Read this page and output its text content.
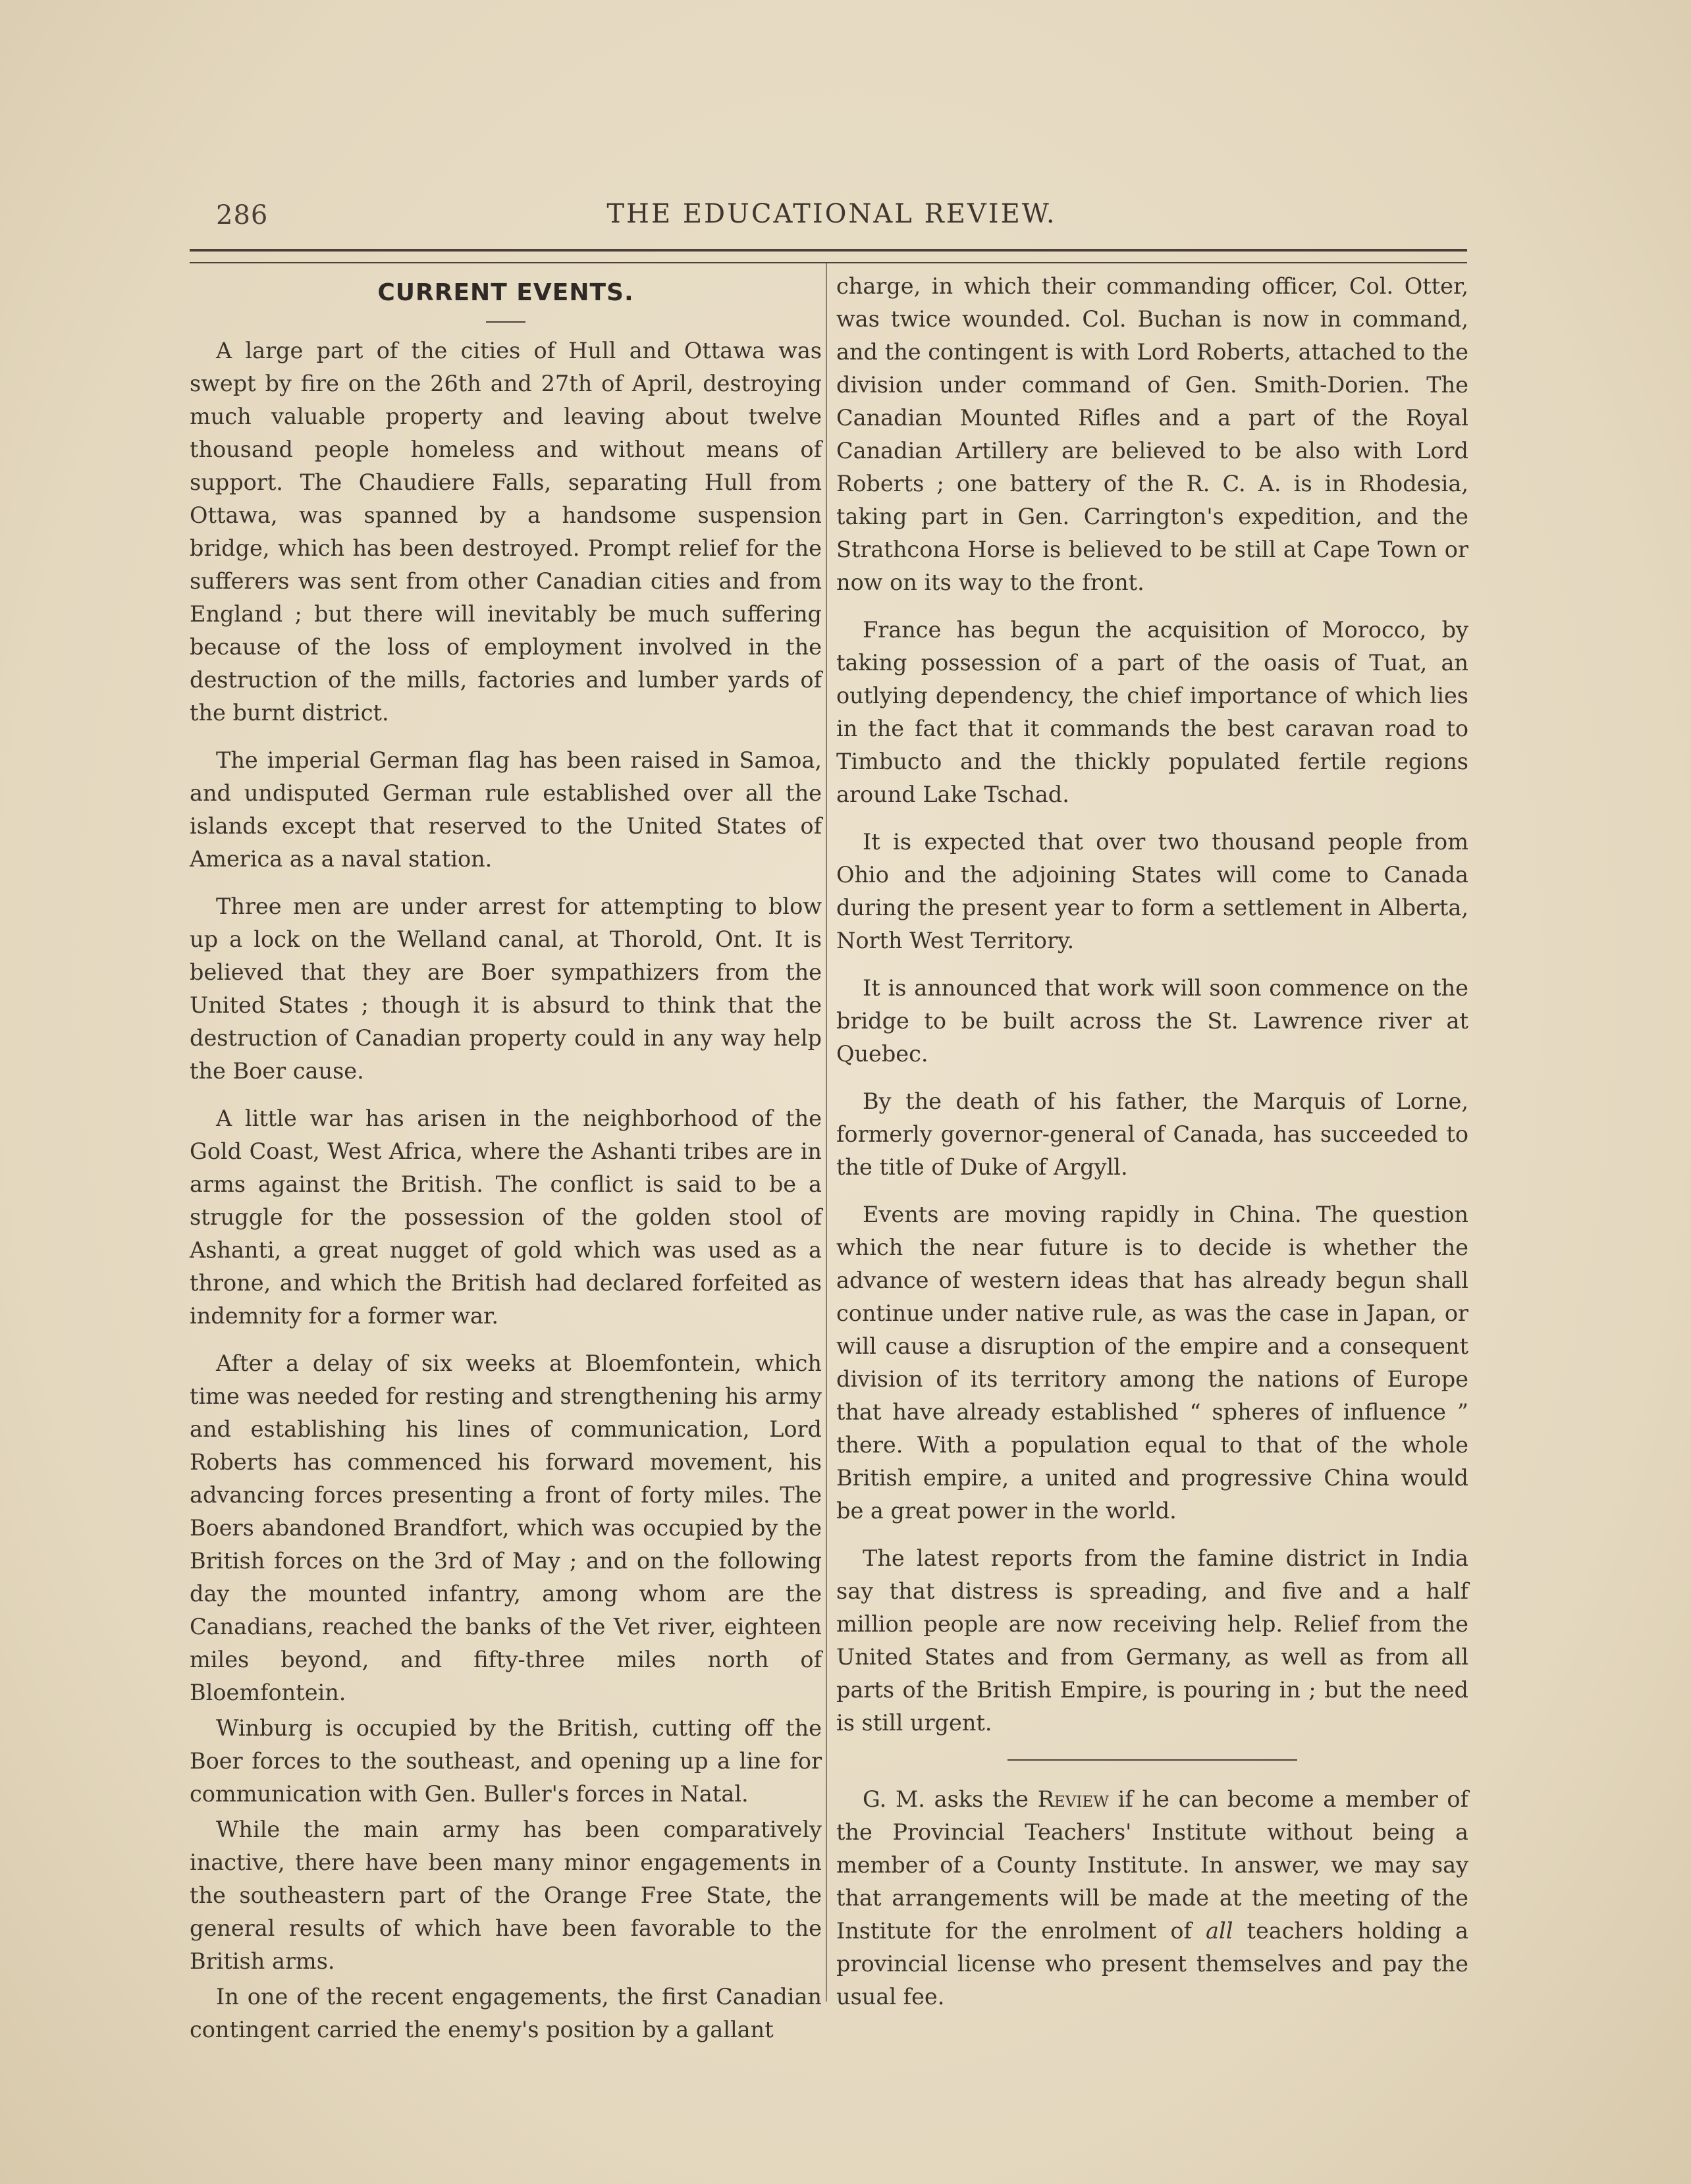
286	THE EDUCATIONAL REVIEW.
CURRENT EVENTS.

A large part of the cities of Hull and Ottawa was swept by fire on the 26th and 27th of April, destroying much valuable property and leaving about twelve thousand people homeless and without means of support. The Chaudiere Falls, separating Hull from Ottawa, was spanned by a handsome suspension bridge, which has been destroyed. Prompt relief for the sufferers was sent from other Canadian cities and from England ; but there will inevitably be much suffering because of the loss of employment involved in the destruction of the mills, factories and lumber yards of the burnt district.

The imperial German flag has been raised in Samoa, and undisputed German rule established over all the islands except that reserved to the United States of America as a naval station.

Three men are under arrest for attempting to blow up a lock on the Welland canal, at Thorold, Ont. It is believed that they are Boer sympathizers from the United States ; though it is absurd to think that the destruction of Canadian property could in any way help the Boer cause.

A little war has arisen in the neighborhood of the Gold Coast, West Africa, where the Ashanti tribes are in arms against the British. The conflict is said to be a struggle for the possession of the golden stool of Ashanti, a great nugget of gold which was used as a throne, and which the British had declared forfeited as indemnity for a former war.

After a delay of six weeks at Bloemfontein, which time was needed for resting and strengthening his army and establishing his lines of communication, Lord Roberts has commenced his forward movement, his advancing forces presenting a front of forty miles. The Boers abandoned Brandfort, which was occupied by the British forces on the 3rd of May ; and on the following day the mounted infantry, among whom are the Canadians, reached the banks of the Vet river, eighteen miles beyond, and fifty-three miles north of Bloemfontein.

Winburg is occupied by the British, cutting off the Boer forces to the southeast, and opening up a line for communication with Gen. Buller's forces in Natal.

While the main army has been comparatively inactive, there have been many minor engagements in the southeastern part of the Orange Free State, the general results of which have been favorable to the British arms.

In one of the recent engagements, the first Canadian contingent carried the enemy's position by a gallant

charge, in which their commanding officer, Col. Otter, was twice wounded. Col. Buchan is now in command, and the contingent is with Lord Roberts, attached to the division under command of Gen. Smith-Dorien. The Canadian Mounted Rifles and a part of the Royal Canadian Artillery are believed to be also with Lord Roberts ; one battery of the R. C. A. is in Rhodesia, taking part in Gen. Carrington's expedition, and the Strathcona Horse is believed to be still at Cape Town or now on its way to the front.

France has begun the acquisition of Morocco, by taking possession of a part of the oasis of Tuat, an outlying dependency, the chief importance of which lies in the fact that it commands the best caravan road to Timbucto and the thickly populated fertile regions around Lake Tschad.

It is expected that over two thousand people from Ohio and the adjoining States will come to Canada during the present year to form a settlement in Alberta, North West Territory.

It is announced that work will soon commence on the bridge to be built across the St. Lawrence river at Quebec.

By the death of his father, the Marquis of Lorne, formerly governor-general of Canada, has succeeded to the title of Duke of Argyll.

Events are moving rapidly in China. The question which the near future is to decide is whether the advance of western ideas that has already begun shall continue under native rule, as was the case in Japan, or will cause a disruption of the empire and a consequent division of its territory among the nations of Europe that have already established “ spheres of influence ” there. With a population equal to that of the whole British empire, a united and progressive China would be a great power in the world.

The latest reports from the famine district in India say that distress is spreading, and five and a half million people are now receiving help. Relief from the United States and from Germany, as well as from all parts of the British Empire, is pouring in ; but the need is still urgent.

G. M. asks the Review if he can become a member of the Provincial Teachers' Institute without being a member of a County Institute. In answer, we may say that arrangements will be made at the meeting of the Institute for the enrolment of all teachers holding a provincial license who present themselves and pay the usual fee.
